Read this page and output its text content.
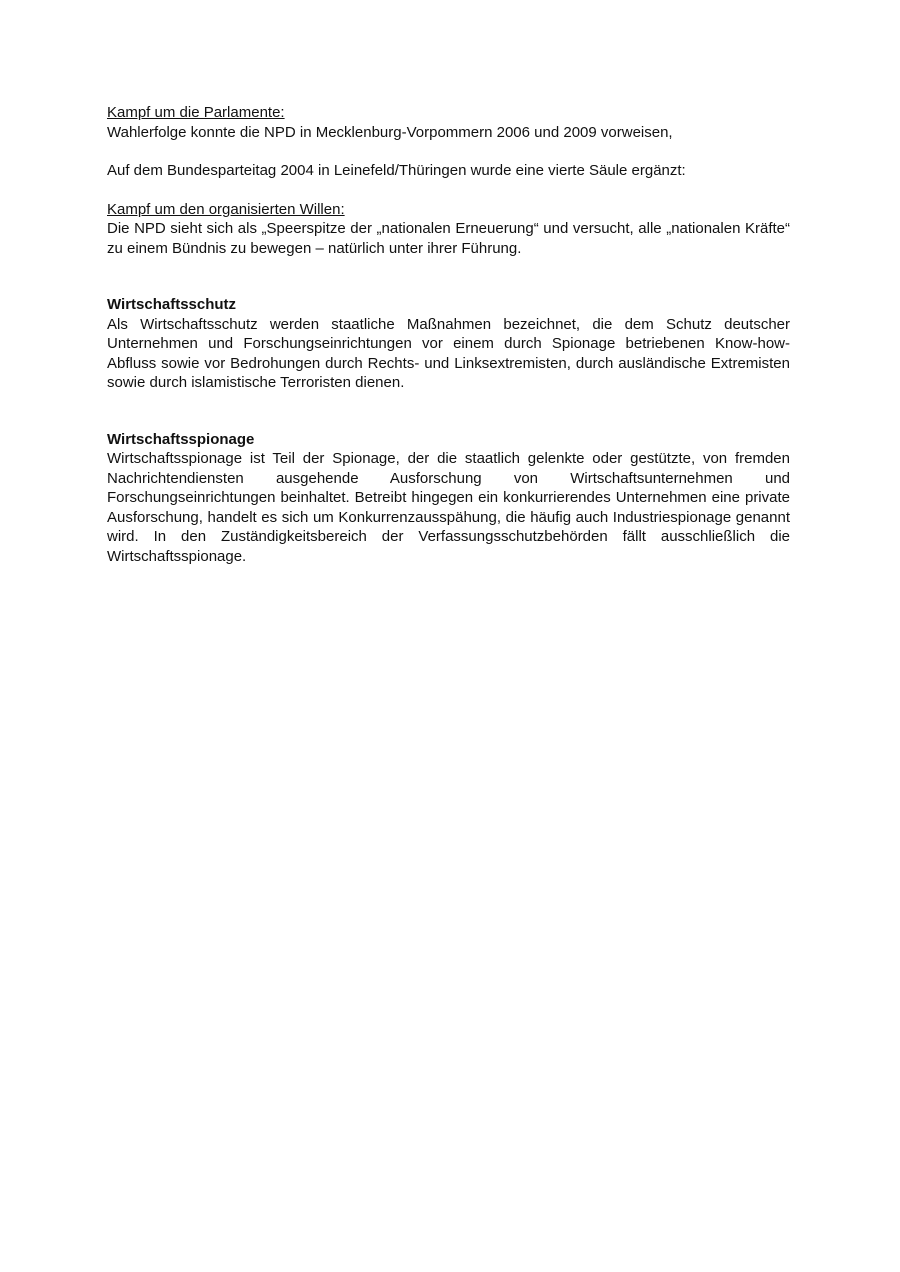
Kampf um die Parlamente:

Wahlerfolge konnte die NPD in Mecklenburg-Vorpommern 2006 und 2009 vorweisen,

Auf dem Bundesparteitag 2004 in Leinefeld/Thüringen wurde eine vierte Säule ergänzt:

Kampf um den organisierten Willen:

Die NPD sieht sich als „Speerspitze der „nationalen Erneuerung“ und versucht, alle „nationalen Kräfte“ zu einem Bündnis zu bewegen – natürlich unter ihrer Führung.

Wirtschaftsschutz

Als Wirtschaftsschutz werden staatliche Maßnahmen bezeichnet, die dem Schutz deutscher Unternehmen und Forschungseinrichtungen vor einem durch Spionage betriebenen Know-how-Abfluss sowie vor Bedrohungen durch Rechts- und Linksextremisten, durch ausländische Extremisten sowie durch islamistische Terroristen dienen.

Wirtschaftsspionage

Wirtschaftsspionage ist Teil der Spionage, der die staatlich gelenkte oder gestützte, von fremden Nachrichtendiensten ausgehende Ausforschung von Wirtschaftsunternehmen und Forschungseinrichtungen beinhaltet. Betreibt hingegen ein konkurrierendes Unternehmen eine private Ausforschung, handelt es sich um Konkurrenzausspähung, die häufig auch Industriespionage genannt wird. In den Zuständigkeitsbereich der Verfassungsschutzbehörden fällt ausschließlich die Wirtschaftsspionage.
